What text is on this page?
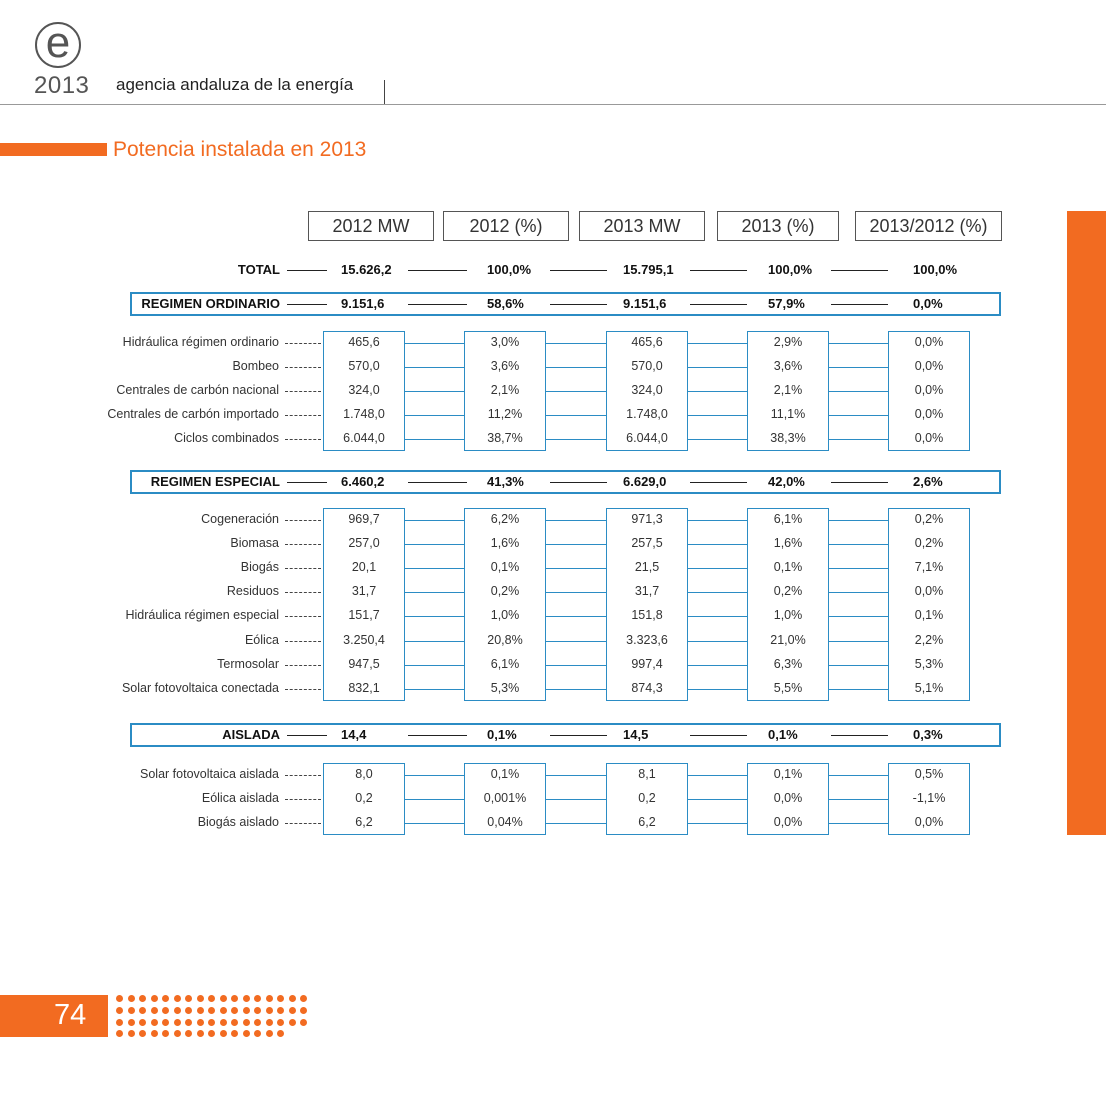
e
2013 agencia andaluza de la energía
Potencia instalada en 2013
2012 MW	2012 (%)	2013 MW	2013 (%)	2013/2012 (%)
TOTAL	15.626,2	100,0%	15.795,1	100,0%	100,0%
REGIMEN ORDINARIO	9.151,6	58,6%	9.151,6	57,9%	0,0%
Hidráulica régimen ordinario	465,6	3,0%	465,6	2,9%	0,0%
Bombeo	570,0	3,6%	570,0	3,6%	0,0%
Centrales de carbón nacional	324,0	2,1%	324,0	2,1%	0,0%
Centrales de carbón importado	1.748,0	11,2%	1.748,0	11,1%	0,0%
Ciclos combinados	6.044,0	38,7%	6.044,0	38,3%	0,0%
REGIMEN ESPECIAL	6.460,2	41,3%	6.629,0	42,0%	2,6%
Cogeneración	969,7	6,2%	971,3	6,1%	0,2%
Biomasa	257,0	1,6%	257,5	1,6%	0,2%
Biogás	20,1	0,1%	21,5	0,1%	7,1%
Residuos	31,7	0,2%	31,7	0,2%	0,0%
Hidráulica régimen especial	151,7	1,0%	151,8	1,0%	0,1%
Eólica	3.250,4	20,8%	3.323,6	21,0%	2,2%
Termosolar	947,5	6,1%	997,4	6,3%	5,3%
Solar fotovoltaica conectada	832,1	5,3%	874,3	5,5%	5,1%
AISLADA	14,4	0,1%	14,5	0,1%	0,3%
Solar fotovoltaica aislada	8,0	0,1%	8,1	0,1%	0,5%
Eólica aislada	0,2	0,001%	0,2	0,0%	-1,1%
Biogás aislado	6,2	0,04%	6,2	0,0%	0,0%
74
